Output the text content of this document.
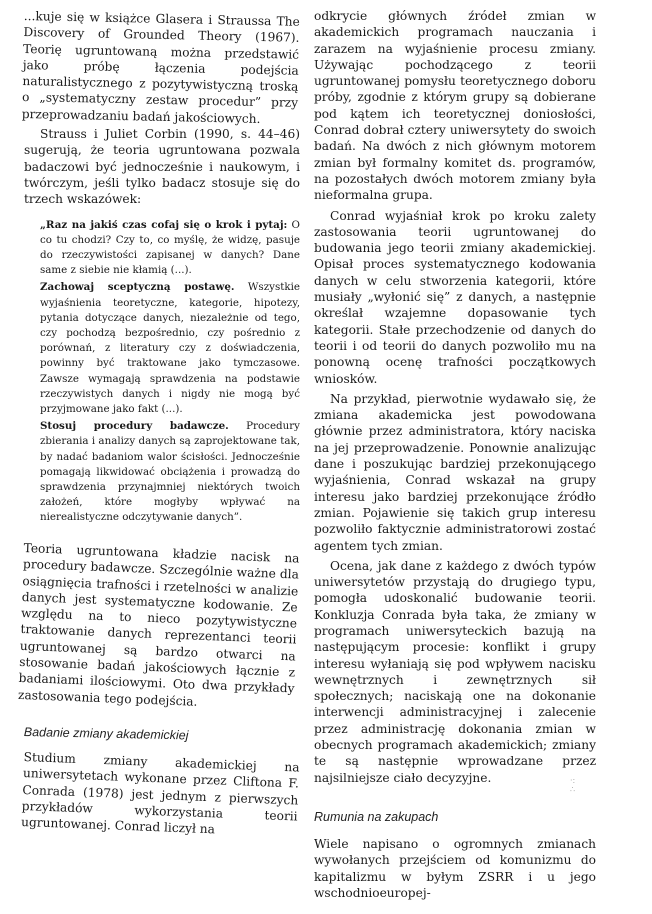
...kuje się w książce Glasera i Straussa The Discovery of Grounded Theory (1967). Teorię ugruntowaną można przedstawić jako próbę łączenia podejścia naturalistycznego z pozytywistyczną troską o „systematyczny zestaw procedur” przy przeprowadzaniu badań jakościowych.

Strauss i Juliet Corbin (1990, s. 44–46) sugerują, że teoria ugruntowana pozwala badaczowi być jednocześnie i naukowym, i twórczym, jeśli tylko badacz stosuje się do trzech wskazówek:

„Raz na jakiś czas cofaj się o krok i pytaj: O co tu chodzi? Czy to, co myślę, że widzę, pasuje do rzeczywistości zapisanej w danych? Dane same z siebie nie kłamią (...).

Zachowaj sceptyczną postawę. Wszystkie wyjaśnienia teoretyczne, kategorie, hipotezy, pytania dotyczące danych, niezależnie od tego, czy pochodzą bezpośrednio, czy pośrednio z porównań, z literatury czy z doświadczenia, powinny być traktowane jako tymczasowe. Zawsze wymagają sprawdzenia na podstawie rzeczywistych danych i nigdy nie mogą być przyjmowane jako fakt (...).

Stosuj procedury badawcze. Procedury zbierania i analizy danych są zaprojektowane tak, by nadać badaniom walor ścisłości. Jednocześnie pomagają likwidować obciążenia i prowadzą do sprawdzenia przynajmniej niektórych twoich założeń, które mogłyby wpływać na nierealistyczne odczytywanie danych”.

Teoria ugruntowana kładzie nacisk na procedury badawcze. Szczególnie ważne dla osiągnięcia trafności i rzetelności w analizie danych jest systematyczne kodowanie. Ze względu na to nieco pozytywistyczne traktowanie danych reprezentanci teorii ugruntowanej są bardzo otwarci na stosowanie badań jakościowych łącznie z badaniami ilościowymi. Oto dwa przykłady zastosowania tego podejścia.

Badanie zmiany akademickiej

Studium zmiany akademickiej na uniwersytetach wykonane przez Cliftona F. Conrada (1978) jest jednym z pierwszych przykładów wykorzystania teorii ugruntowanej. Conrad liczył na

odkrycie głównych źródeł zmian w akademickich programach nauczania i zarazem na wyjaśnienie procesu zmiany. Używając pochodzącego z teorii ugruntowanej pomysłu teoretycznego doboru próby, zgodnie z którym grupy są dobierane pod kątem ich teoretycznej doniosłości, Conrad dobrał cztery uniwersytety do swoich badań. Na dwóch z nich głównym motorem zmian był formalny komitet ds. programów, na pozostałych dwóch motorem zmiany była nieformalna grupa.

Conrad wyjaśniał krok po kroku zalety zastosowania teorii ugruntowanej do budowania jego teorii zmiany akademickiej. Opisał proces systematycznego kodowania danych w celu stworzenia kategorii, które musiały „wyłonić się” z danych, a następnie określał wzajemne dopasowanie tych kategorii. Stałe przechodzenie od danych do teorii i od teorii do danych pozwoliło mu na ponowną ocenę trafności początkowych wniosków.

Na przykład, pierwotnie wydawało się, że zmiana akademicka jest powodowana głównie przez administratora, który naciska na jej przeprowadzenie. Ponownie analizując dane i poszukując bardziej przekonującego wyjaśnienia, Conrad wskazał na grupy interesu jako bardziej przekonujące źródło zmian. Pojawienie się takich grup interesu pozwoliło faktycznie administratorowi zostać agentem tych zmian.

Ocena, jak dane z każdego z dwóch typów uniwersytetów przystają do drugiego typu, pomogła udoskonalić budowanie teorii. Konkluzja Conrada była taka, że zmiany w programach uniwersyteckich bazują na następującym procesie: konflikt i grupy interesu wyłaniają się pod wpływem nacisku wewnętrznych i zewnętrznych sił społecznych; naciskają one na dokonanie interwencji administracyjnej i zalecenie przez administrację dokonania zmian w obecnych programach akademickich; zmiany te są następnie wprowadzane przez najsilniejsze ciało decyzyjne.

Rumunia na zakupach

Wiele napisano o ogromnych zmianach wywołanych przejściem od komunizmu do kapitalizmu w byłym ZSRR i u jego wschodnioeuropej-

·:
∴
